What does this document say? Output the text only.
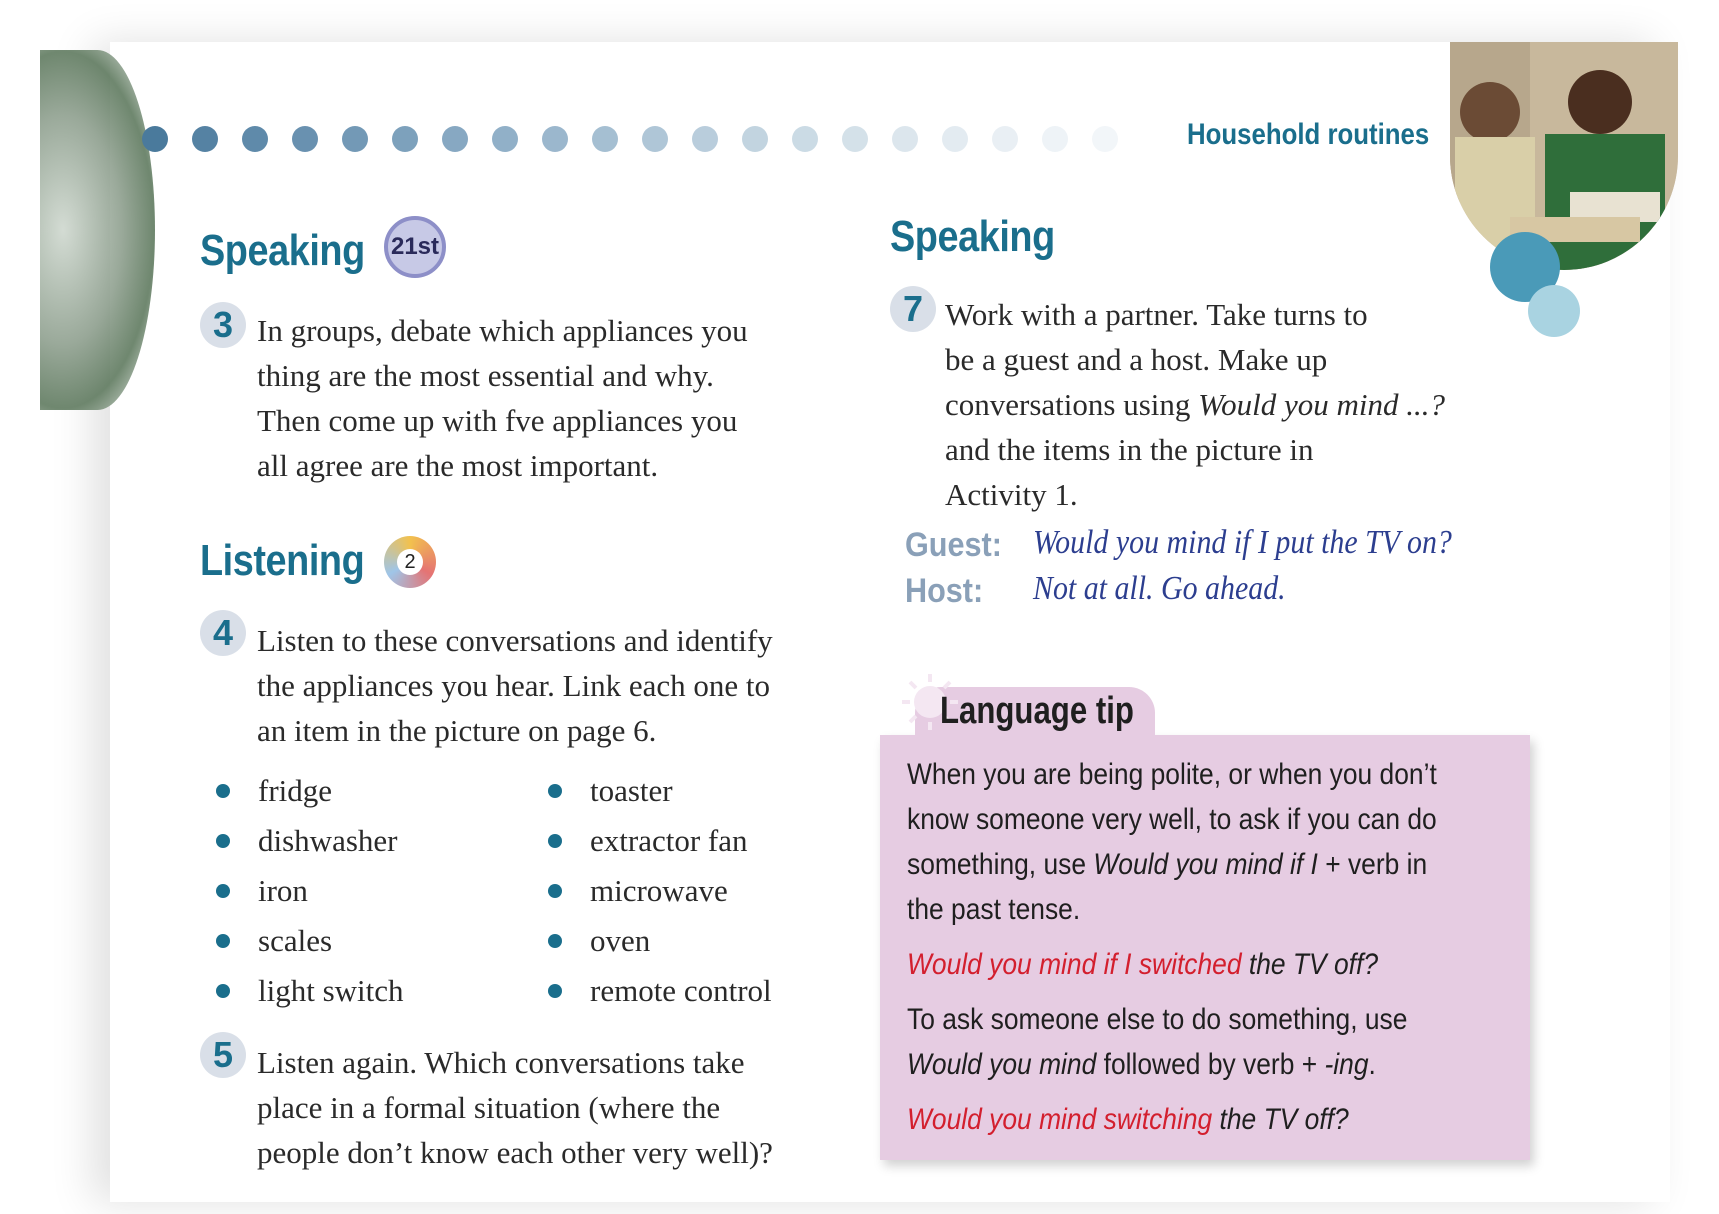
Household routines
Speaking 21st
3 In groups, debate which appliances you
thing are the most essential and why.
Then come up with fve appliances you
all agree are the most important.
Listening	2
4 Listen to these conversations and identify
the appliances you hear. Link each one to
an item in the picture on page 6.
fridge
dishwasher
iron
scales
light switch
toaster
extractor fan
microwave
oven
remote control
5 Listen again. Which conversations take
place in a formal situation (where the
people don’t know each other very well)?
Speaking
7 Work with a partner. Take turns to
be a guest and a host. Make up
conversations using Would you mind ...?
and the items in the picture in
Activity 1.
Guest: Would you mind if I put the TV on?
Host: Not at all. Go ahead.
Language tip
When you are being polite, or when you don’t
know someone very well, to ask if you can do
something, use Would you mind if I + verb in
the past tense.
Would you mind if I switched the TV off?
To ask someone else to do something, use
Would you mind followed by verb + -ing.
Would you mind switching the TV off?
